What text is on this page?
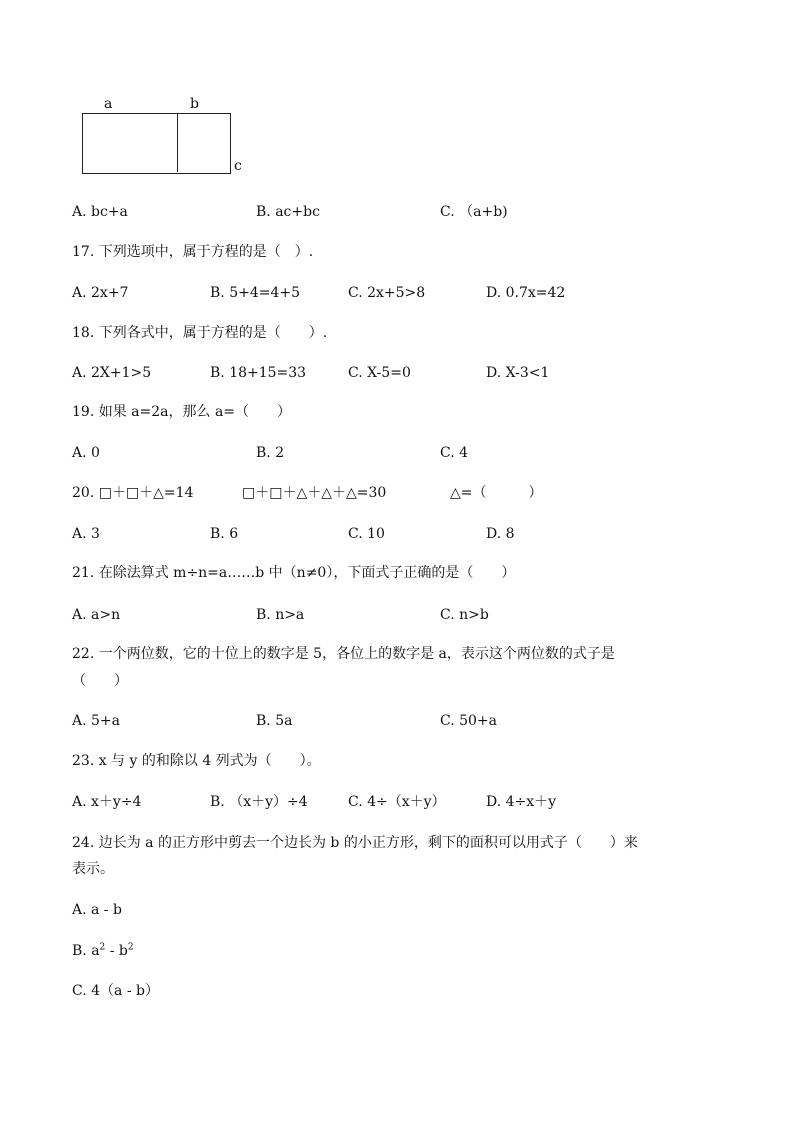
a	b
c
A. bc+a	B. ac+bc	C. （a+b)
17. 下列选项中，属于方程的是（　）.
A. 2x+7	B. 5+4=4+5	C. 2x+5>8	D. 0.7x=42
18. 下列各式中，属于方程的是（　　）.
A. 2X+1>5	B. 18+15=33	C. X-5=0	D. X-3<1
19. 如果 a=2a，那么 a=（　　）
A. 0	B. 2	C. 4
20. □＋□＋△=14	□＋□＋△＋△＋△=30	△=（　　　）
A. 3	B. 6	C. 10	D. 8
21. 在除法算式 m÷n=a……b 中（n≠0），下面式子正确的是（　　）
A. a>n	B. n>a	C. n>b
22. 一个两位数，它的十位上的数字是 5，各位上的数字是 a，表示这个两位数的式子是
（　　）
A. 5+a	B. 5a	C. 50+a
23. x 与 y 的和除以 4 列式为（　　）。
A. x＋y÷4	B. （x＋y）÷4	C. 4÷（x＋y）	D. 4÷x＋y
24. 边长为 a 的正方形中剪去一个边长为 b 的小正方形，剩下的面积可以用式子（　　）来
表示。
A. a - b
B. $a^2 - b^2$
C. 4（a - b）
